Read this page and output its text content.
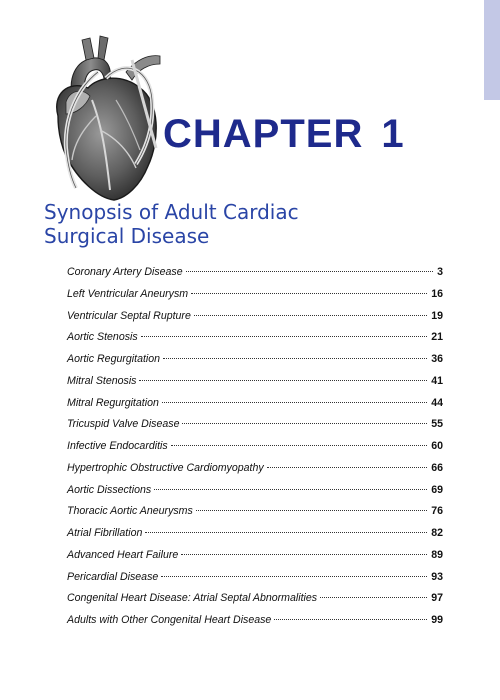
CHAPTER 1
Synopsis of Adult Cardiac
Surgical Disease
Coronary Artery Disease	3
Left Ventricular Aneurysm	16
Ventricular Septal Rupture	19
Aortic Stenosis	21
Aortic Regurgitation	36
Mitral Stenosis	41
Mitral Regurgitation	44
Tricuspid Valve Disease	55
Infective Endocarditis	60
Hypertrophic Obstructive Cardiomyopathy	66
Aortic Dissections	69
Thoracic Aortic Aneurysms	76
Atrial Fibrillation	82
Advanced Heart Failure	89
Pericardial Disease	93
Congenital Heart Disease: Atrial Septal Abnormalities	97
Adults with Other Congenital Heart Disease	99
